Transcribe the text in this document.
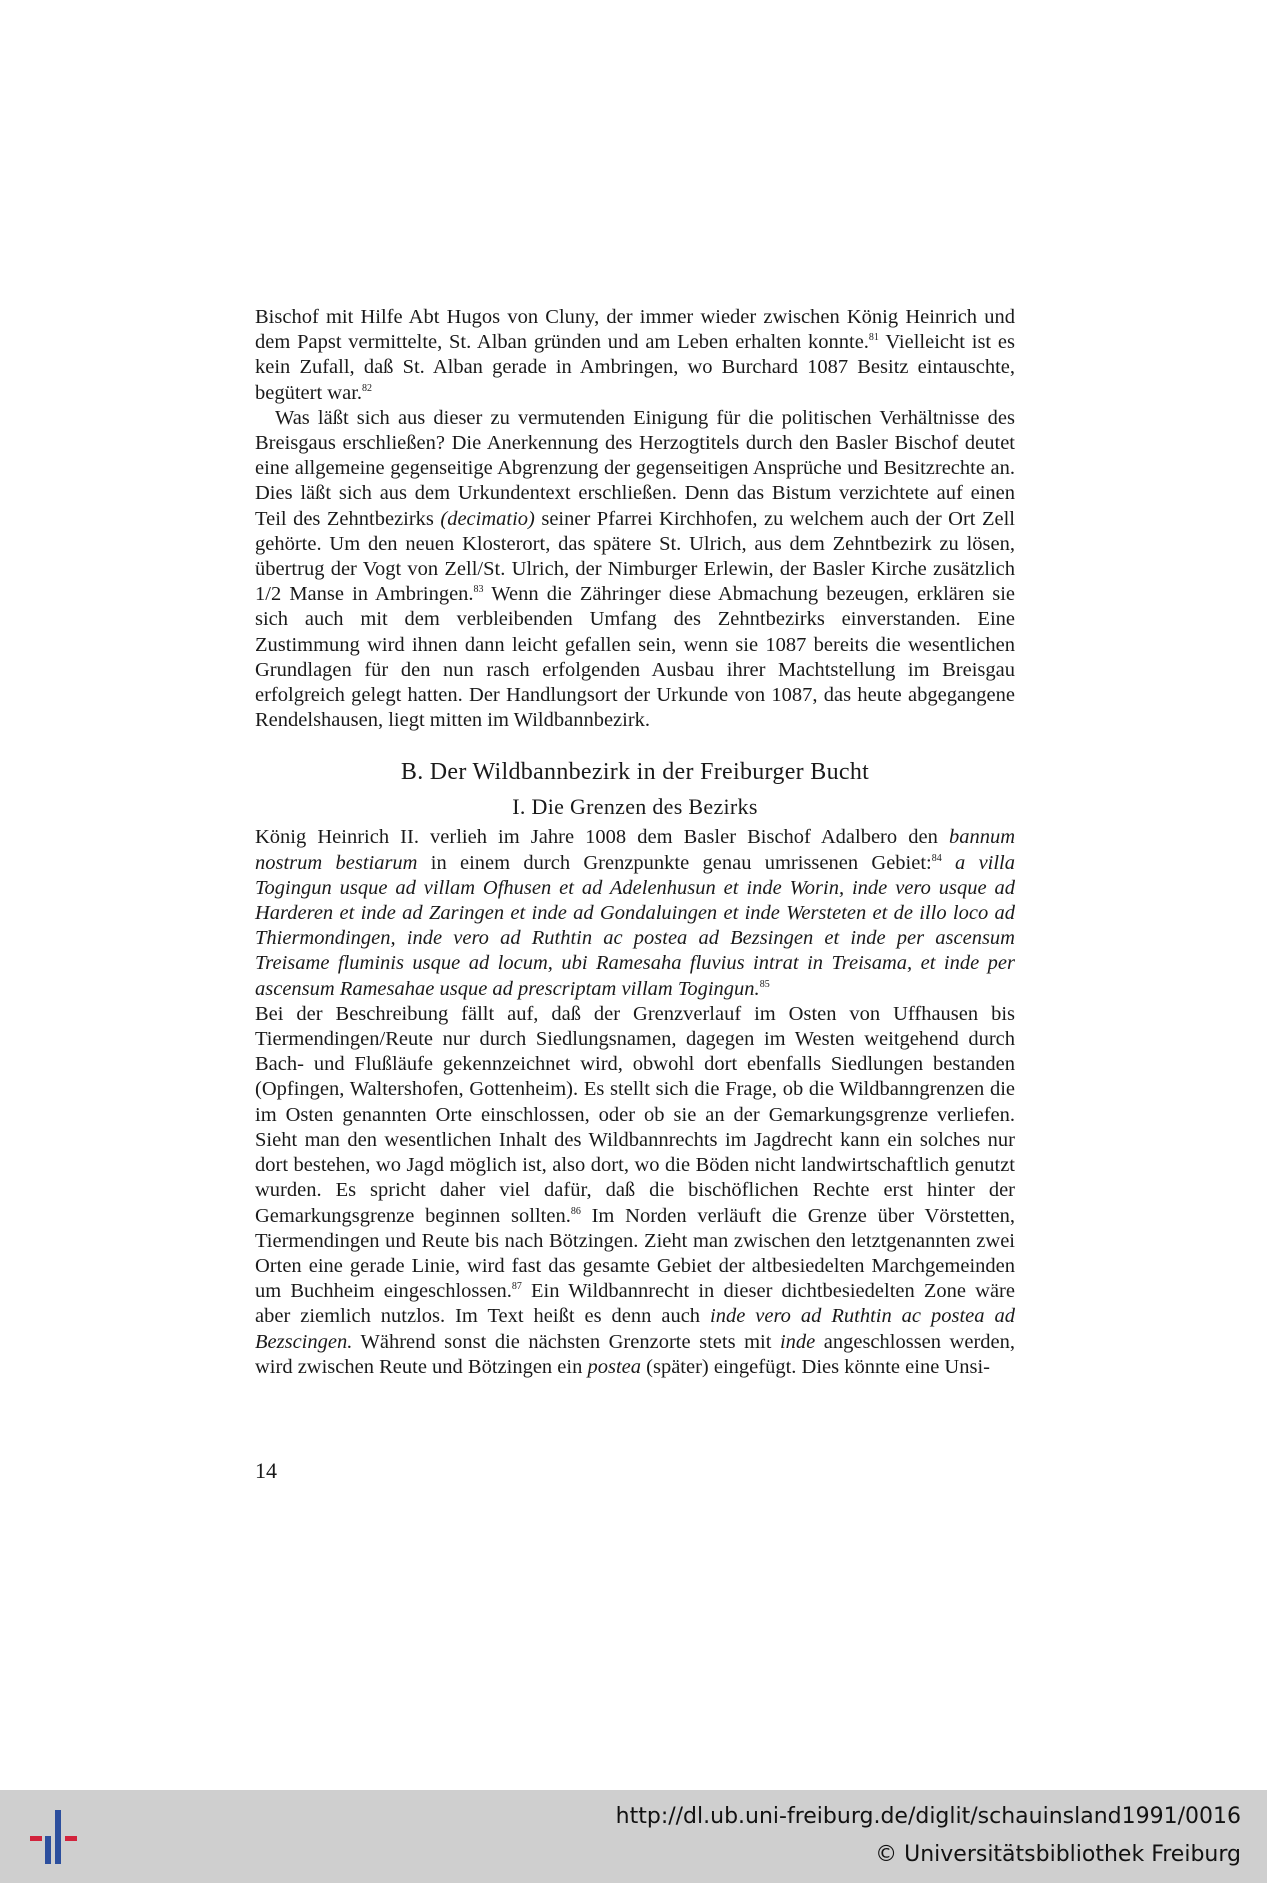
Bischof mit Hilfe Abt Hugos von Cluny, der immer wieder zwischen König Heinrich und dem Papst vermittelte, St. Alban gründen und am Leben erhalten konnte.$^{81}$ Vielleicht ist es kein Zufall, daß St. Alban gerade in Ambringen, wo Burchard 1087 Besitz eintauschte, begütert war.$^{82}$

Was läßt sich aus dieser zu vermutenden Einigung für die politischen Verhältnisse des Breisgaus erschließen? Die Anerkennung des Herzogtitels durch den Basler Bischof deutet eine allgemeine gegenseitige Abgrenzung der gegenseitigen Ansprüche und Besitzrechte an. Dies läßt sich aus dem Urkundentext erschließen. Denn das Bistum verzichtete auf einen Teil des Zehntbezirks (decimatio) seiner Pfarrei Kirchhofen, zu welchem auch der Ort Zell gehörte. Um den neuen Klosterort, das spätere St. Ulrich, aus dem Zehntbezirk zu lösen, übertrug der Vogt von Zell/St. Ulrich, der Nimburger Erlewin, der Basler Kirche zusätzlich 1/2 Manse in Ambringen.$^{83}$ Wenn die Zähringer diese Abmachung bezeugen, erklären sie sich auch mit dem verbleibenden Umfang des Zehntbezirks einverstanden. Eine Zustimmung wird ihnen dann leicht gefallen sein, wenn sie 1087 bereits die wesentlichen Grundlagen für den nun rasch erfolgenden Ausbau ihrer Machtstellung im Breisgau erfolgreich gelegt hatten. Der Handlungsort der Urkunde von 1087, das heute abgegangene Rendelshausen, liegt mitten im Wildbannbezirk.

B. Der Wildbannbezirk in der Freiburger Bucht
I. Die Grenzen des Bezirks

König Heinrich II. verlieh im Jahre 1008 dem Basler Bischof Adalbero den bannum nostrum bestiarum in einem durch Grenzpunkte genau umrissenen Gebiet:$^{84}$ a villa Togingun usque ad villam Ofhusen et ad Adelenhusun et inde Worin, inde vero usque ad Harderen et inde ad Zaringen et inde ad Gondaluingen et inde Wersteten et de illo loco ad Thiermondingen, inde vero ad Ruthtin ac postea ad Bezsingen et inde per ascensum Treisame fluminis usque ad locum, ubi Ramesaha fluvius intrat in Treisama, et inde per ascensum Ramesahae usque ad prescriptam villam Togingun.$^{85}$

Bei der Beschreibung fällt auf, daß der Grenzverlauf im Osten von Uffhausen bis Tiermendingen/Reute nur durch Siedlungsnamen, dagegen im Westen weitgehend durch Bach- und Flußläufe gekennzeichnet wird, obwohl dort ebenfalls Siedlungen bestanden (Opfingen, Waltershofen, Gottenheim). Es stellt sich die Frage, ob die Wildbanngrenzen die im Osten genannten Orte einschlossen, oder ob sie an der Gemarkungsgrenze verliefen. Sieht man den wesentlichen Inhalt des Wildbannrechts im Jagdrecht kann ein solches nur dort bestehen, wo Jagd möglich ist, also dort, wo die Böden nicht landwirtschaftlich genutzt wurden. Es spricht daher viel dafür, daß die bischöflichen Rechte erst hinter der Gemarkungsgrenze beginnen sollten.$^{86}$ Im Norden verläuft die Grenze über Vörstetten, Tiermendingen und Reute bis nach Bötzingen. Zieht man zwischen den letztgenannten zwei Orten eine gerade Linie, wird fast das gesamte Gebiet der altbesiedelten Marchgemeinden um Buchheim eingeschlossen.$^{87}$ Ein Wildbannrecht in dieser dichtbesiedelten Zone wäre aber ziemlich nutzlos. Im Text heißt es denn auch inde vero ad Ruthtin ac postea ad Bezscingen. Während sonst die nächsten Grenzorte stets mit inde angeschlossen werden, wird zwischen Reute und Bötzingen ein postea (später) eingefügt. Dies könnte eine Unsi-

14
http://dl.ub.uni-freiburg.de/diglit/schauinsland1991/0016
© Universitätsbibliothek Freiburg
